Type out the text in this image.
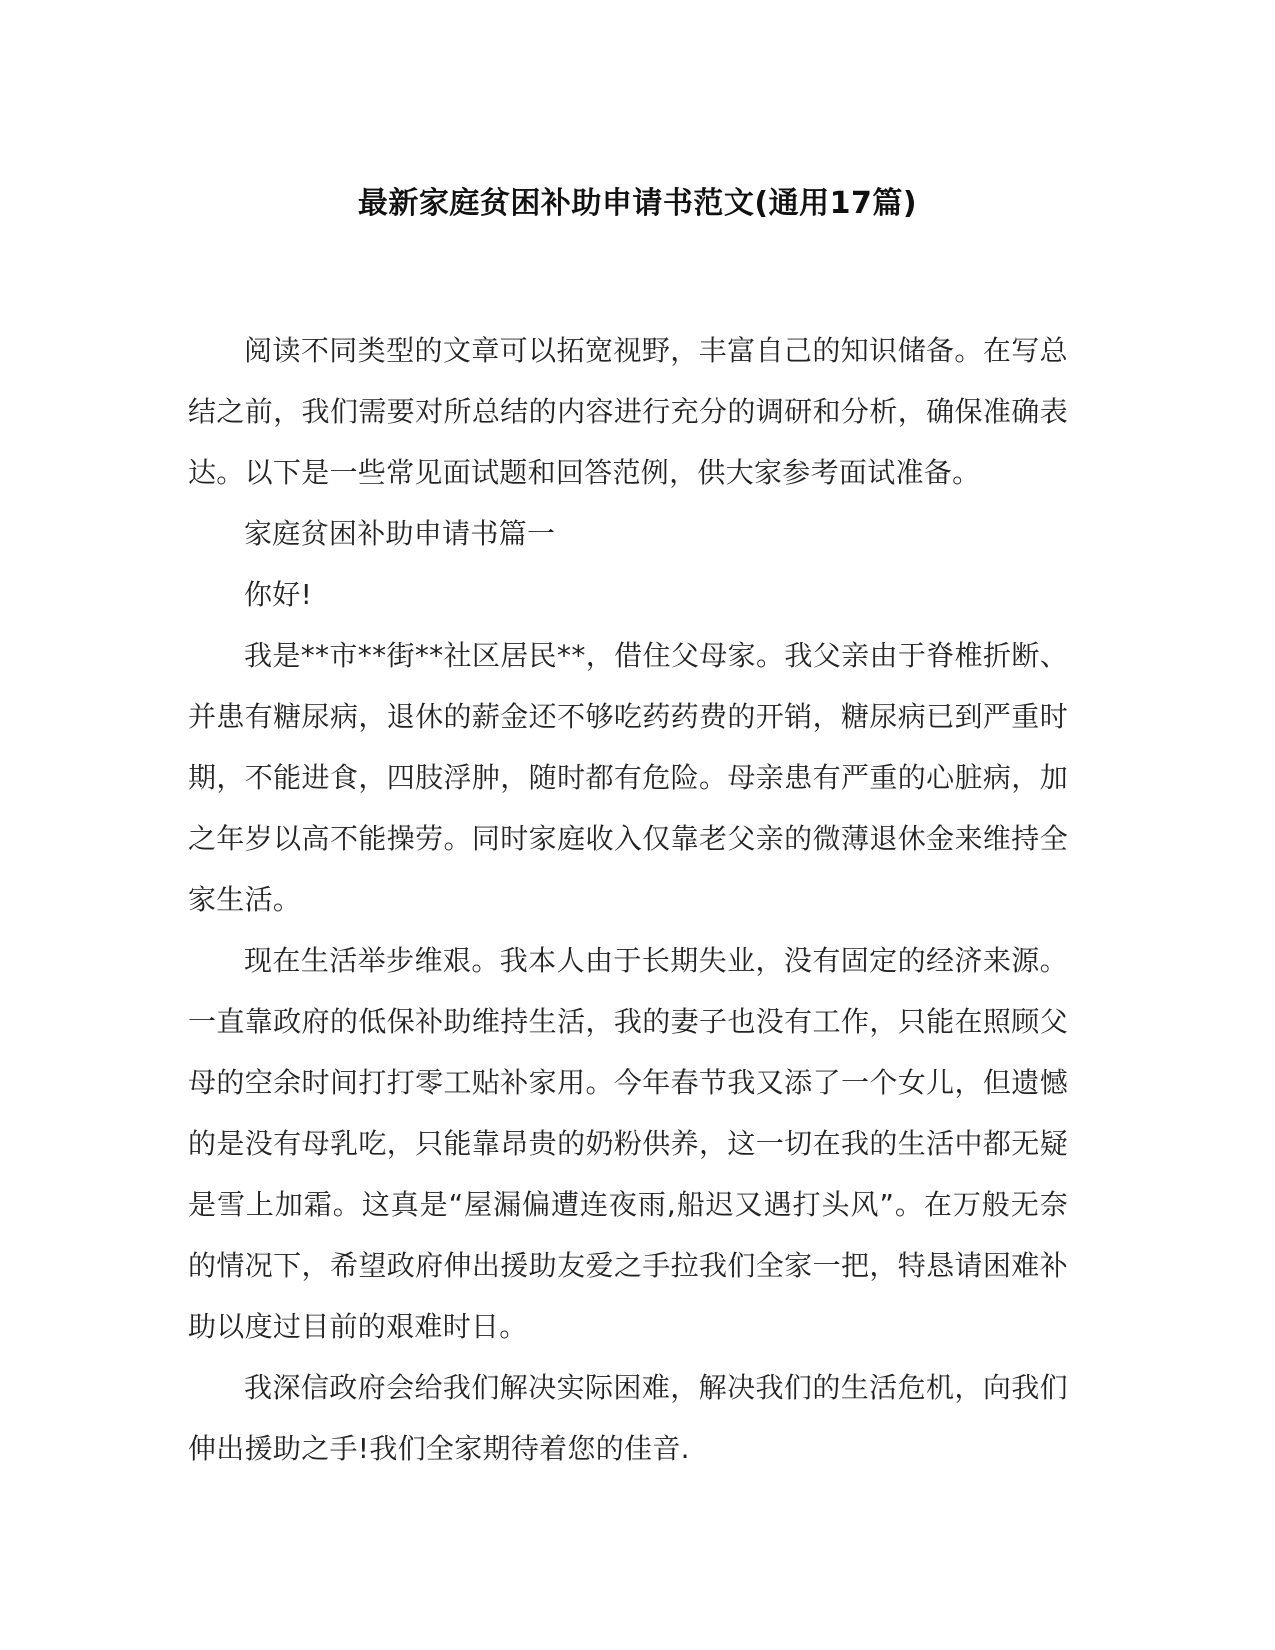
最新家庭贫困补助申请书范文(通用17篇)

阅读不同类型的文章可以拓宽视野，丰富自己的知识储备。在写总结之前，我们需要对所总结的内容进行充分的调研和分析，确保准确表达。以下是一些常见面试题和回答范例，供大家参考面试准备。

家庭贫困补助申请书篇一

你好!

我是**市**街**社区居民**，借住父母家。我父亲由于脊椎折断、并患有糖尿病，退休的薪金还不够吃药药费的开销，糖尿病已到严重时期，不能进食，四肢浮肿，随时都有危险。母亲患有严重的心脏病，加之年岁以高不能操劳。同时家庭收入仅靠老父亲的微薄退休金来维持全家生活。

现在生活举步维艰。我本人由于长期失业，没有固定的经济来源。一直靠政府的低保补助维持生活，我的妻子也没有工作，只能在照顾父母的空余时间打打零工贴补家用。今年春节我又添了一个女儿，但遗憾的是没有母乳吃，只能靠昂贵的奶粉供养，这一切在我的生活中都无疑是雪上加霜。这真是“屋漏偏遭连夜雨,船迟又遇打头风”。在万般无奈的情况下，希望政府伸出援助友爱之手拉我们全家一把，特恳请困难补助以度过目前的艰难时日。

我深信政府会给我们解决实际困难，解决我们的生活危机，向我们伸出援助之手!我们全家期待着您的佳音.
